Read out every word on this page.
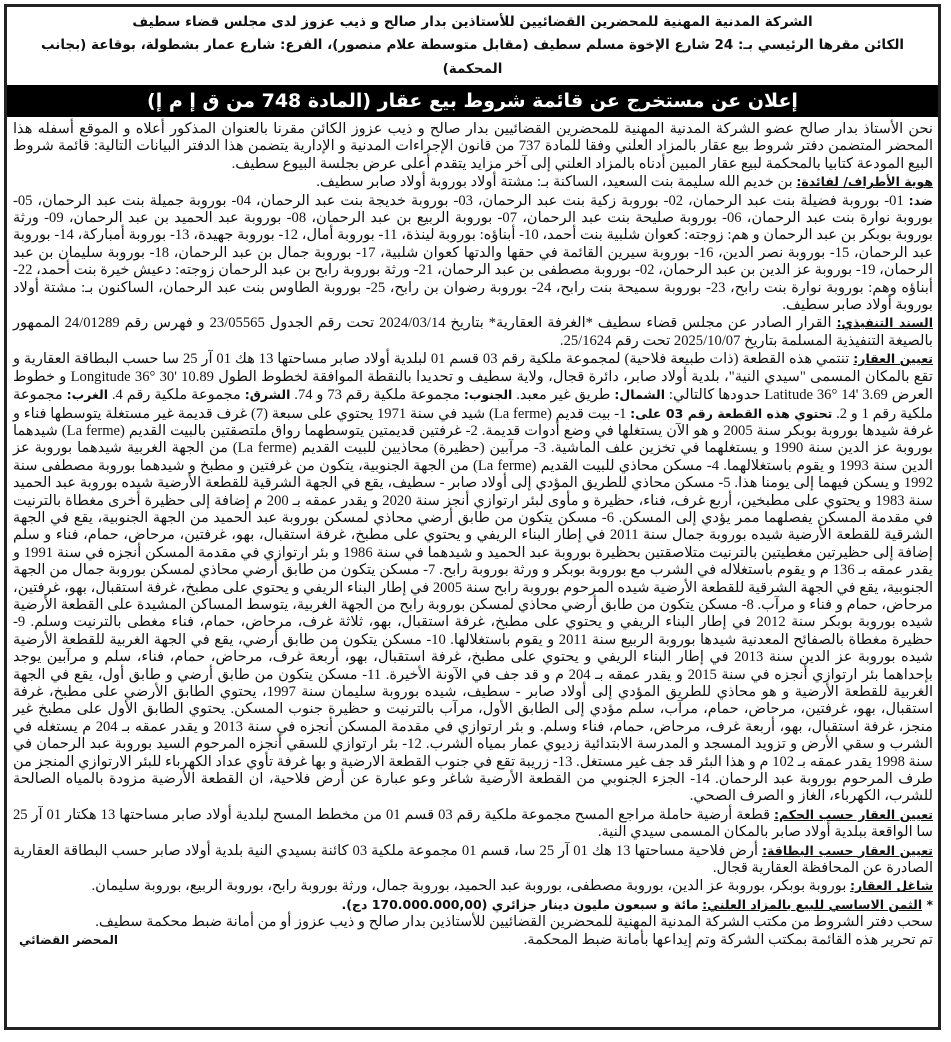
الشركة المدنية المهنية للمحضرين القضائيين للأستاذين بدار صالح و ذيب عزوز لدى مجلس قضاء سطيف
الكائن مقرها الرئيسي بـ: 24 شارع الإخوة مسلم سطيف (مقابل متوسطة علام منصور)، الفرع: شارع عمار بشطولة، بوقاعة (بجانب المحكمة)
إعلان عن مستخرج عن قائمة شروط بيع عقار (المادة 748 من ق إ م إ)

نحن الأستاذ بدار صالح عضو الشركة المدنية المهنية للمحضرين القضائيين بدار صالح و ذيب عزوز الكائن مقرنا بالعنوان المذكور أعلاه و الموقع أسفله هذا المحضر المتضمن دفتر شروط بيع عقار بالمزاد العلني وفقا للمادة 737 من قانون الإجراءات المدنية و الإدارية يتضمن هذا الدفتر البيانات التالية: قائمة شروط البيع المودعة كتابيا بالمحكمة لبيع عقار المبين أدناه بالمزاد العلني إلى آخر مزايد يتقدم أعلى عرض بجلسة البيوع سطيف.

هوية الأطراف/ لفائدة: بن خديم الله سليمة بنت السعيد، الساكنة بـ: مشتة أولاد بوروبة أولاد صابر سطيف.

ضد: 01- بوروبة فضيلة بنت عبد الرحمان، 02- بوروبة زكية بنت عبد الرحمان، 03- بوروبة خديجة بنت عبد الرحمان، 04- بوروبة جميلة بنت عبد الرحمان، 05- بوروبة نوارة بنت عبد الرحمان، 06- بوروبة صليحة بنت عبد الرحمان، 07- بوروبة الربيع بن عبد الرحمان، 08- بوروبة عبد الحميد بن عبد الرحمان، 09- ورثة بوروبة بوبكر بن عبد الرحمان و هم: زوجته: كعوان شلبية بنت أحمد، 10- أبناؤه: بوروبة لينذة، 11- بوروبة أمال، 12- بوروبة جهيدة، 13- بوروبة أمباركة، 14- بوروبة عبد الرحمان، 15- بوروبة نصر الدين، 16- بوروبة سيرين القائمة في حقها والدتها كعوان شلبية، 17- بوروبة جمال بن عبد الرحمان، 18- بوروبة سليمان بن عبد الرحمان، 19- بوروبة عز الدين بن عبد الرحمان، 02- بوروبة مصطفى بن عبد الرحمان، 21- ورثة بوروبة رابح بن عبد الرحمان زوجته: دعيش خيرة بنت أحمد، 22- أبناؤه وهم: بوروبة نوارة بنت رابح، 23- بوروبة سميحة بنت رابح، 24- بوروبة رضوان بن رابح، 25- بوروبة الطاوس بنت عبد الرحمان، الساكنون بـ: مشتة أولاد بوروبة أولاد صابر سطيف.

السند التنفيذي: القرار الصادر عن مجلس قضاء سطيف *الغرفة العقارية* بتاريخ 2024/03/14 تحت رقم الجدول 23/05565 و فهرس رقم 24/01289 الممهور بالصيغة التنفيذية المسلمة بتاريخ 2025/10/07 تحت رقم 25/1624.

تعيين العقار: تنتمي هذه القطعة (ذات طبيعة فلاحية) لمجموعة ملكية رقم 03 قسم 01 لبلدية أولاد صابر مساحتها 13 هك 01 آر 25 سا حسب البطاقة العقارية و تقع بالمكان المسمى "سيدي النية"، بلدية أولاد صابر، دائرة قجال، ولاية سطيف و تحديدا بالنقطة الموافقة لخطوط الطول Longitude 36° 30' 10.89 و خطوط العرض Latitude 36° 14' 3.69 حدودها كالتالي: الشمال: طريق غير معبد. الجنوب: مجموعة ملكية رقم 73 و 74. الشرق: مجموعة ملكية رقم 4. الغرب: مجموعة ملكية رقم 1 و 2. تحتوي هذه القطعة رقم 03 على: 1- بيت قديم (La ferme) شيد في سنة 1971 يحتوي على سبعة (7) غرف قديمة غير مستغلة يتوسطها فناء و غرفة شيدها بوروبة بوبكر سنة 2005 و هو الآن يستغلها في وضع أدوات قديمة. 2- غرفتين قديمتين يتوسطهما رواق ملتصقتين بالبيت القديم (La ferme) شيدهما بوروبة عز الدين سنة 1990 و يستغلهما في تخزين علف الماشية. 3- مرآبين (حظيرة) محاذيين للبيت القديم (La ferme) من الجهة الغربية شيدهما بوروبة عز الدين سنة 1993 و يقوم باستغلالهما. 4- مسكن محاذي للبيت القديم (La ferme) من الجهة الجنوبية، يتكون من غرفتين و مطبخ و شيدهما بوروبة مصطفى سنة 1992 و يسكن فيهما إلى يومنا هذا. 5- مسكن محاذي للطريق المؤدي إلى أولاد صابر - سطيف، يقع في الجهة الشرقية للقطعة الأرضية شيده بوروبة عبد الحميد سنة 1983 و يحتوي على مطبخين، أربع غرف، فناء، حظيرة و مأوى لبئر ارتوازي أنجز سنة 2020 و يقدر عمقه بـ 200 م إضافة إلى حظيرة أخرى مغطاة بالترنيت في مقدمة المسكن يفصلهما ممر يؤدي إلى المسكن. 6- مسكن يتكون من طابق أرضي محاذي لمسكن بوروبة عبد الحميد من الجهة الجنوبية، يقع في الجهة الشرقية للقطعة الأرضية شيده بوروبة جمال سنة 2011 في إطار البناء الريفي و يحتوي على مطبخ، غرفة استقبال، بهو، غرفتين، مرحاض، حمام، فناء و سلم إضافة إلى حظيرتين مغطيتين بالترنيت متلاصقتين بحظيرة بوروبة عبد الحميد و شيدهما في سنة 1986 و بئر ارتوازي في مقدمة المسكن أنجزه في سنة 1991 و يقدر عمقه بـ 136 م و يقوم باستغلاله في الشرب مع بوروبة بوبكر و ورثة بوروبة رابح. 7- مسكن يتكون من طابق أرضي محاذي لمسكن بوروبة جمال من الجهة الجنوبية، يقع في الجهة الشرقية للقطعة الأرضية شيده المرحوم بوروبة رابح سنة 2005 في إطار البناء الريفي و يحتوي على مطبخ، غرفة استقبال، بهو، غرفتين، مرحاض، حمام و فناء و مرآب. 8- مسكن يتكون من طابق أرضي محاذي لمسكن بوروبة رابح من الجهة الغربية، يتوسط المساكن المشيدة على القطعة الأرضية شيده بوروبة بوبكر سنة 2012 في إطار البناء الريفي و يحتوي على مطبخ، غرفة استقبال، بهو، ثلاثة غرف، مرحاض، حمام، فناء مغطى بالترنيت وسلم. 9- حظيرة مغطاة بالصفائح المعدنية شيدها بوروبة الربيع سنة 2011 و يقوم باستغلالها. 10- مسكن يتكون من طابق أرضي، يقع في الجهة الغربية للقطعة الأرضية شيده بوروبة عز الدين سنة 2013 في إطار البناء الريفي و يحتوي على مطبخ، غرفة استقبال، بهو، أربعة غرف، مرحاض، حمام، فناء، سلم و مرآبين يوجد بإحداهما بئر ارتوازي أنجزه في سنة 2015 و يقدر عمقه بـ 204 م و قد جف في الآونة الأخيرة. 11- مسكن يتكون من طابق أرضي و طابق أول، يقع في الجهة الغربية للقطعة الأرضية و هو محاذي للطريق المؤدي إلى أولاد صابر - سطيف، شيده بوروبة سليمان سنة 1997، يحتوي الطابق الأرضي على مطبخ، غرفة استقبال، بهو، غرفتين، مرحاض، حمام، مرآب، سلم مؤدي إلى الطابق الأول، مرآب بالترنيت و حظيرة جنوب المسكن. يحتوي الطابق الأول على مطبخ غير منجز، غرفة استقبال، بهو، أربعة غرف، مرحاض، حمام، فناء وسلم. و بئر ارتوازي في مقدمة المسكن أنجزه في سنة 2013 و يقدر عمقه بـ 204 م يستغله في الشرب و سقي الأرض و تزويد المسجد و المدرسة الابتدائية زديوي عمار بمياه الشرب. 12- بئر ارتوازي للسقي أنجزه المرحوم السيد بوروبة عبد الرحمان في سنة 1998 يقدر عمقه بـ 102 م و هذا البئر قد جف غير مستغل. 13- زريبة تقع في جنوب القطعة الارضية و بها غرفة تأوي عداد الكهرباء للبئر الارتوازي المنجز من طرف المرحوم بوروبة عبد الرحمان. 14- الجزء الجنوبي من القطعة الأرضية شاغر وعو عبارة عن أرض فلاحية، ان القطعة الأرضية مزودة بالمياه الصالحة للشرب، الكهرباء، الغاز و الصرف الصحي.

تعيين العقار حسب الحكم: قطعة أرضية حاملة مراجع المسح مجموعة ملكية رقم 03 قسم 01 من مخطط المسح لبلدية أولاد صابر مساحتها 13 هكتار 01 آر 25 سا الواقعة ببلدية أولاد صابر بالمكان المسمى سيدي النية.

تعيين العقار حسب البطاقة: أرض فلاحية مساحتها 13 هك 01 آر 25 سا، قسم 01 مجموعة ملكية 03 كائنة بسيدي النية بلدية أولاد صابر حسب البطاقة العقارية الصادرة عن المحافظة العقارية قجال.

شاغل العقار: بوروبة بوبكر، بوروبة عز الدين، بوروبة مصطفى، بوروبة عبد الحميد، بوروبة جمال، ورثة بوروبة رابح، بوروبة الربيع، بوروبة سليمان.

* الثمن الاساسي للبيع بالمزاد العلني: مائة و سبعون مليون دينار جزائري (170.000.000,00 دج).

سحب دفتر الشروط من مكتب الشركة المدنية المهنية للمحضرين القضائيين للأستاذين بدار صالح و ذيب عزوز أو من أمانة ضبط محكمة سطيف.

تم تحرير هذه القائمة بمكتب الشركة وتم إيداعها بأمانة ضبط المحكمة.
المحضر القضائي
